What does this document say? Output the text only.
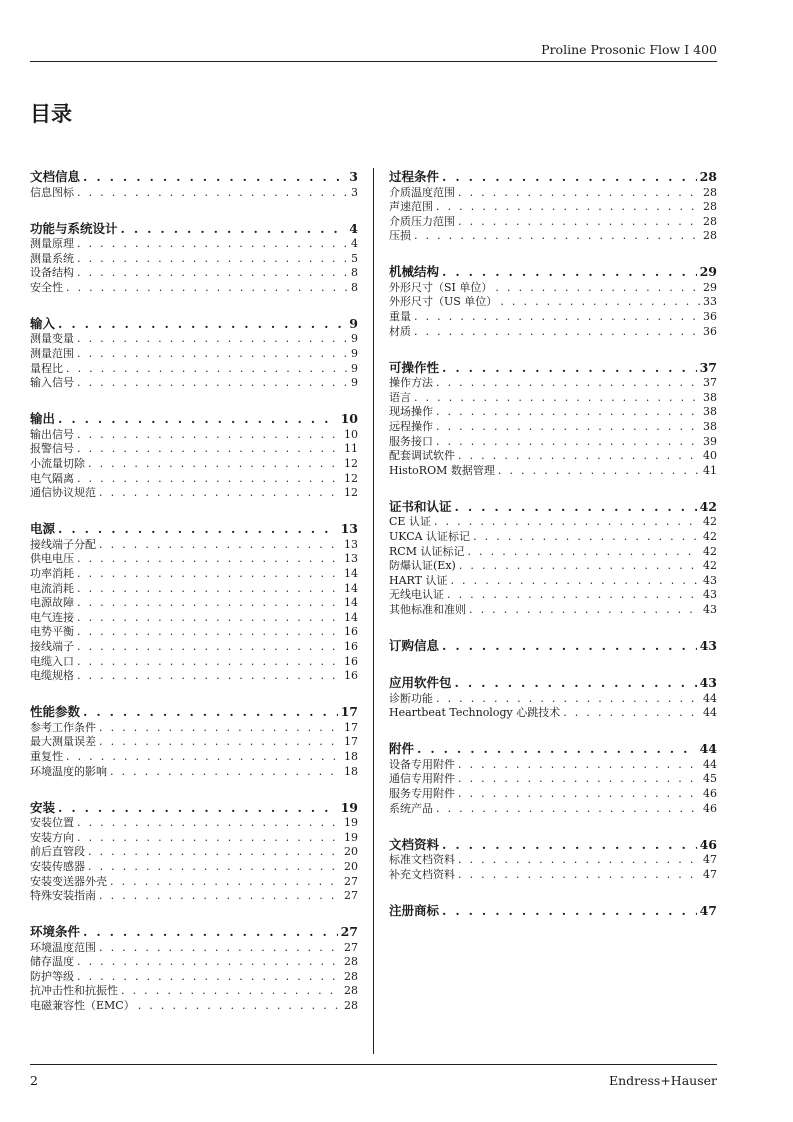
Proline Prosonic Flow I 400
目录
文档信息 . . .	3
信息图标 . . .	3
功能与系统设计 . . .	4
测量原理 . . .	4
测量系统 . . .	5
设备结构 . . .	8
安全性 . . .	8
输入 . . .	9
测量变量 . . .	9
测量范围 . . .	9
量程比 . . .	9
输入信号 . . .	9
输出 . . .	10
输出信号 . . .	10
报警信号 . . .	11
小流量切除 . . .	12
电气隔离 . . .	12
通信协议规范 . . .	12
电源 . . .	13
接线端子分配 . . .	13
供电电压 . . .	13
功率消耗 . . .	14
电流消耗 . . .	14
电源故障 . . .	14
电气连接 . . .	14
电势平衡 . . .	16
接线端子 . . .	16
电缆入口 . . .	16
电缆规格 . . .	16
性能参数 . . .	17
参考工作条件 . . .	17
最大测量误差 . . .	17
重复性 . . .	18
环境温度的影响 . . .	18
安装 . . .	19
安装位置 . . .	19
安装方向 . . .	19
前后直管段 . . .	20
安装传感器 . . .	20
安装变送器外壳 . . .	27
特殊安装指南 . . .	27
环境条件 . . .	27
环境温度范围 . . .	27
储存温度 . . .	28
防护等级 . . .	28
抗冲击性和抗振性 . . .	28
电磁兼容性（EMC） . . .	28
过程条件 . . .	28
介质温度范围 . . .	28
声速范围 . . .	28
介质压力范围 . . .	28
压损 . . .	28
机械结构 . . .	29
外形尺寸（SI 单位） . . .	29
外形尺寸（US 单位） . . .	33
重量 . . .	36
材质 . . .	36
可操作性 . . .	37
操作方法 . . .	37
语言 . . .	38
现场操作 . . .	38
远程操作 . . .	38
服务接口 . . .	39
配套调试软件 . . .	40
HistoROM 数据管理 . . .	41
证书和认证 . . .	42
CE 认证 . . .	42
UKCA 认证标记 . . .	42
RCM 认证标记 . . .	42
防爆认证(Ex) . . .	42
HART 认证 . . .	43
无线电认证 . . .	43
其他标准和准则 . . .	43
订购信息 . . .	43
应用软件包 . . .	43
诊断功能 . . .	44
Heartbeat Technology 心跳技术 . . .	44
附件 . . .	44
设备专用附件 . . .	44
通信专用附件 . . .	45
服务专用附件 . . .	46
系统产品 . . .	46
文档资料 . . .	46
标准文档资料 . . .	47
补充文档资料 . . .	47
注册商标 . . .	47
2	Endress+Hauser
